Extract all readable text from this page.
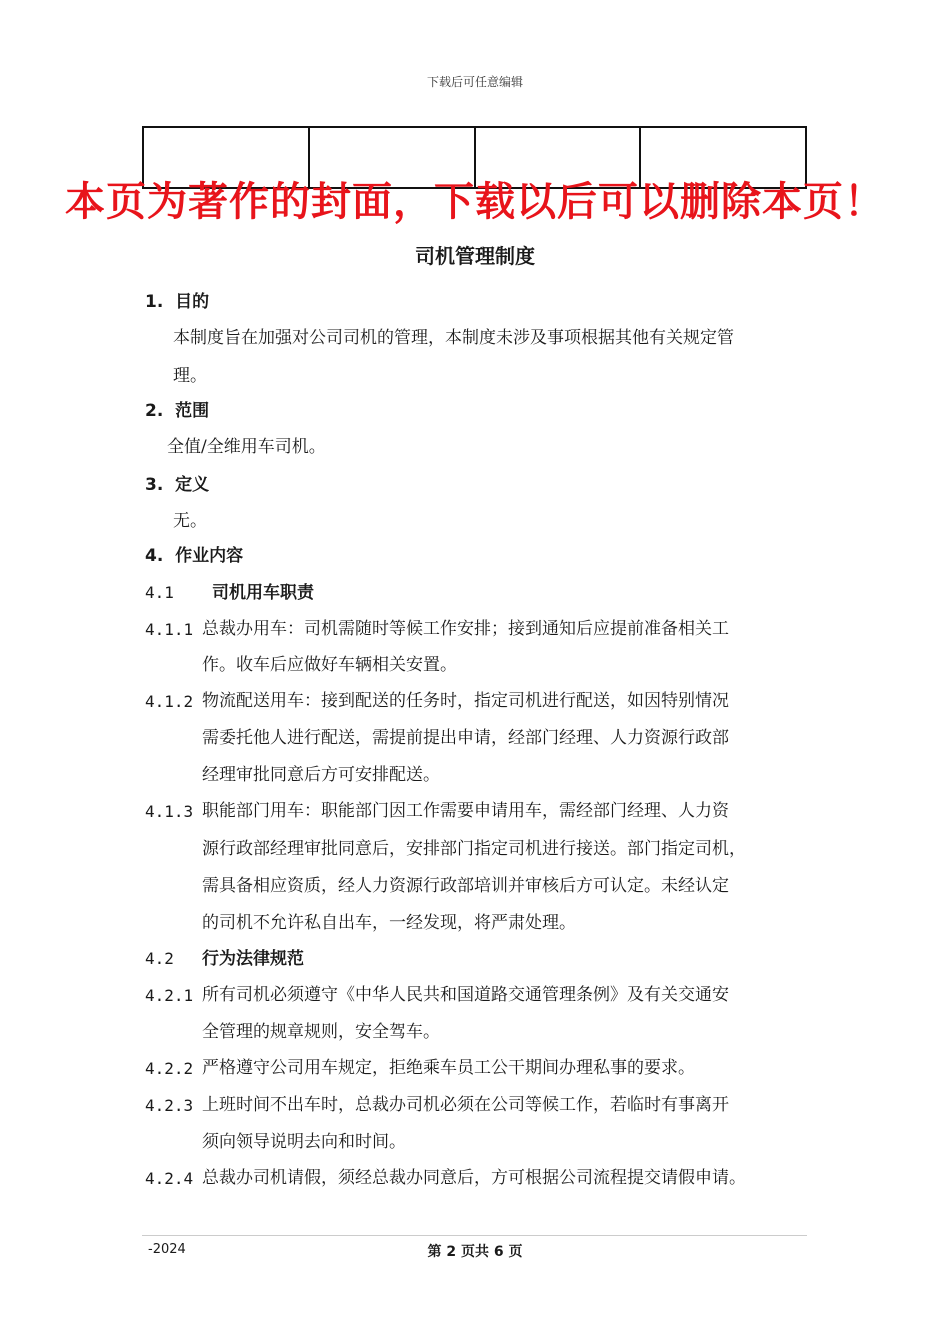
下载后可任意编辑

本页为著作的封面，下载以后可以删除本页！
司机管理制度
1. 目的
本制度旨在加强对公司司机的管理，本制度未涉及事项根据其他有关规定管
理。
2. 范围
全值/全维用车司机。
3. 定义
无。
4. 作业内容
4.1 司机用车职责
4.1.1 总裁办用车：司机需随时等候工作安排；接到通知后应提前准备相关工
作。收车后应做好车辆相关安置。
4.1.2 物流配送用车：接到配送的任务时，指定司机进行配送，如因特别情况
需委托他人进行配送，需提前提出申请，经部门经理、人力资源行政部
经理审批同意后方可安排配送。
4.1.3 职能部门用车：职能部门因工作需要申请用车，需经部门经理、人力资
源行政部经理审批同意后，安排部门指定司机进行接送。部门指定司机，
需具备相应资质，经人力资源行政部培训并审核后方可认定。未经认定
的司机不允许私自出车，一经发现，将严肃处理。
4.2 行为法律规范
4.2.1 所有司机必须遵守《中华人民共和国道路交通管理条例》及有关交通安
全管理的规章规则，安全驾车。
4.2.2 严格遵守公司用车规定，拒绝乘车员工公干期间办理私事的要求。
4.2.3 上班时间不出车时，总裁办司机必须在公司等候工作，若临时有事离开
须向领导说明去向和时间。
4.2.4 总裁办司机请假，须经总裁办同意后，方可根据公司流程提交请假申请。
-2024	第 2 页共 6 页
